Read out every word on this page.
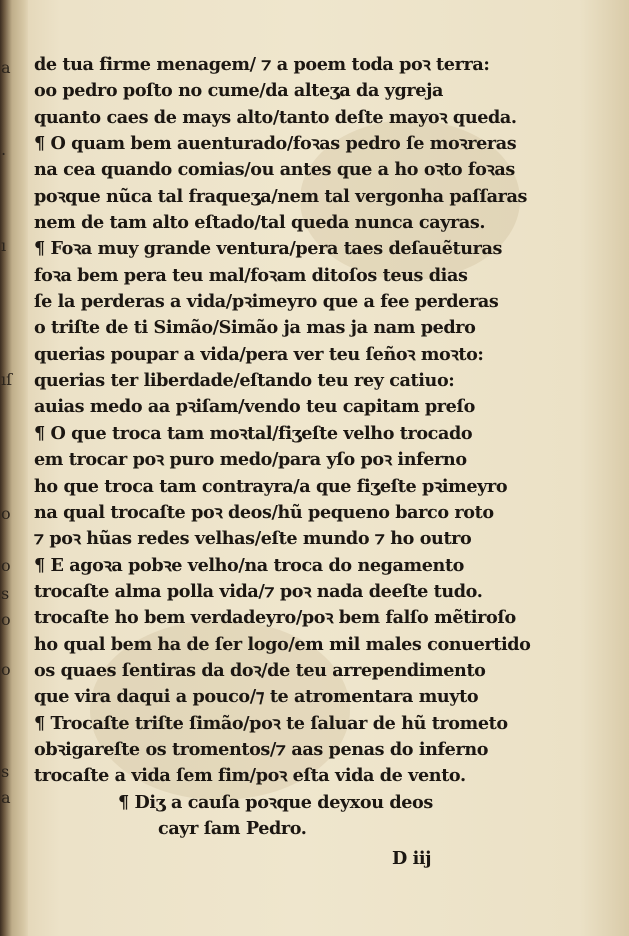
a
.
ı
ıſ
o
o
s
o
o
s
a
de tua firme menagem/ ⁊ a poem toda poꝛ terra:
oo pedro poſto no cume/da alteʒa da ygreja
quanto caes de mays alto/tanto deſte mayoꝛ queda.
¶ O quam bem auenturado/foꝛas pedro ſe moꝛreras
na cea quando comias/ou antes que a ho oꝛto foꝛas
poꝛque nũca tal fraqueʒa/nem tal vergonha paſſaras
nem de tam alto eſtado/tal queda nunca cayras.
¶ Foꝛa muy grande ventura/pera taes deſauẽturas
foꝛa bem pera teu mal/foꝛam ditoſos teus dias
ſe la perderas a vida/pꝛimeyro que a fee perderas
o triſte de ti Simão/Simão ja mas ja nam pedro
querias poupar a vida/pera ver teu ſeñoꝛ moꝛto:
querias ter liberdade/eſtando teu rey catiuo:
auias medo aa pꝛiſam/vendo teu capitam preſo
¶ O que troca tam moꝛtal/fiʒeſte velho trocado
em trocar poꝛ puro medo/para yſo poꝛ inferno
ho que troca tam contrayra/a que fiʒeſte pꝛimeyro
na qual trocaſte poꝛ deos/hũ pequeno barco roto
⁊ poꝛ hũas redes velhas/eſte mundo ⁊ ho outro
¶ E agoꝛa pobꝛe velho/na troca do negamento
trocaſte alma polla vida/⁊ poꝛ nada deeſte tudo.
trocaſte ho bem verdadeyro/poꝛ bem falſo mẽtiroſo
ho qual bem ha de ſer logo/em mil males conuertido
os quaes ſentiras da doꝛ/de teu arrependimento
que vira daqui a pouco/⁊ te atromentara muyto
¶ Trocaſte triſte ſimão/poꝛ te ſaluar de hũ trometo
obꝛigareſte os tromentos/⁊ aas penas do inferno
trocaſte a vida ſem fim/poꝛ eſta vida de vento.
¶ Diʒ a cauſa poꝛque deyxou deos
cayr ſam Pedro.
D iij
